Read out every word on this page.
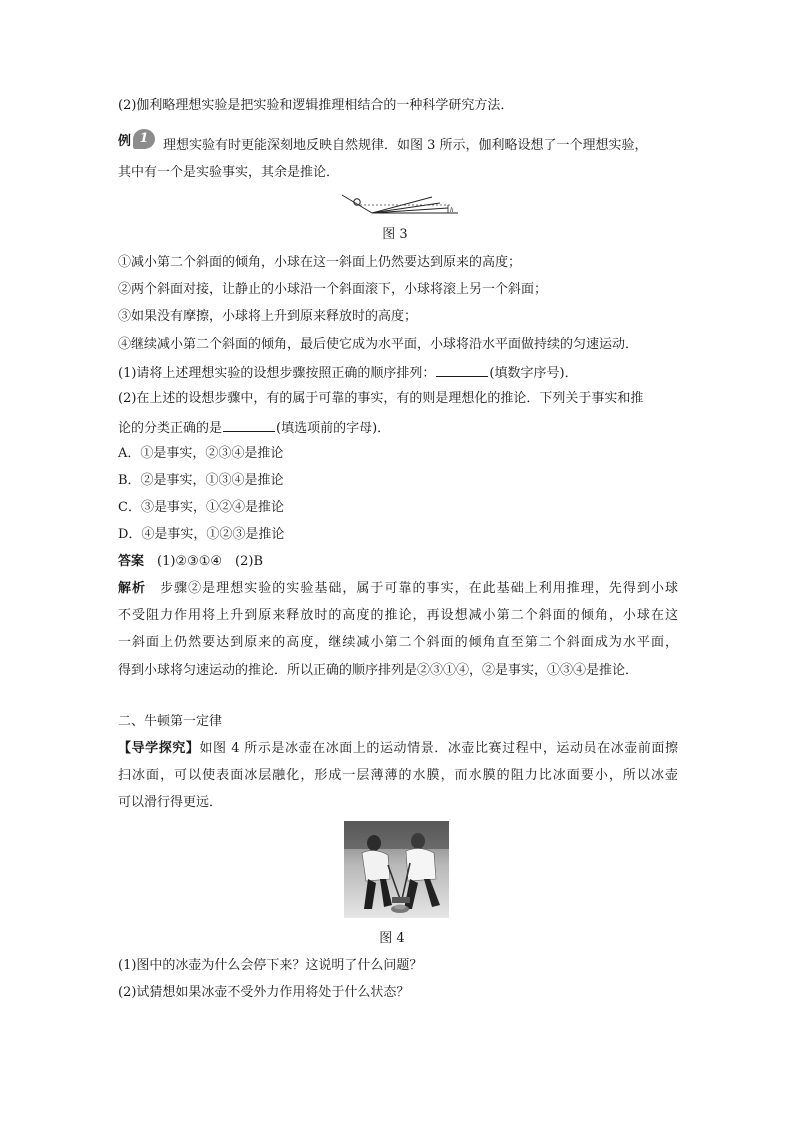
(2)伽利略理想实验是把实验和逻辑推理相结合的一种科学研究方法．
例 1	理想实验有时更能深刻地反映自然规律．如图 3 所示，伽利略设想了一个理想实验，
其中有一个是实验事实，其余是推论．
h
图 3
①减小第二个斜面的倾角，小球在这一斜面上仍然要达到原来的高度；
②两个斜面对接，让静止的小球沿一个斜面滚下，小球将滚上另一个斜面；
③如果没有摩擦，小球将上升到原来释放时的高度；
④继续减小第二个斜面的倾角，最后使它成为水平面，小球将沿水平面做持续的匀速运动．
(1)请将上述理想实验的设想步骤按照正确的顺序排列：	(填数字序号)．
(2)在上述的设想步骤中，有的属于可靠的事实，有的则是理想化的推论．下列关于事实和推
论的分类正确的是	(填选项前的字母)．
A．①是事实，②③④是推论
B．②是事实，①③④是推论
C．③是事实，①②④是推论
D．④是事实，①②③是推论
答案  (1)②③①④　(2)B
解析  步骤②是理想实验的实验基础，属于可靠的事实，在此基础上利用推理，先得到小球
不受阻力作用将上升到原来释放时的高度的推论，再设想减小第二个斜面的倾角，小球在这
一斜面上仍然要达到原来的高度，继续减小第二个斜面的倾角直至第二个斜面成为水平面，
得到小球将匀速运动的推论．所以正确的顺序排列是②③①④，②是事实，①③④是推论．
二、牛顿第一定律
【导学探究】如图 4 所示是冰壶在冰面上的运动情景．冰壶比赛过程中，运动员在冰壶前面擦
扫冰面，可以使表面冰层融化，形成一层薄薄的水膜，而水膜的阻力比冰面要小，所以冰壶
可以滑行得更远．
图 4
(1)图中的冰壶为什么会停下来？这说明了什么问题？
(2)试猜想如果冰壶不受外力作用将处于什么状态？
